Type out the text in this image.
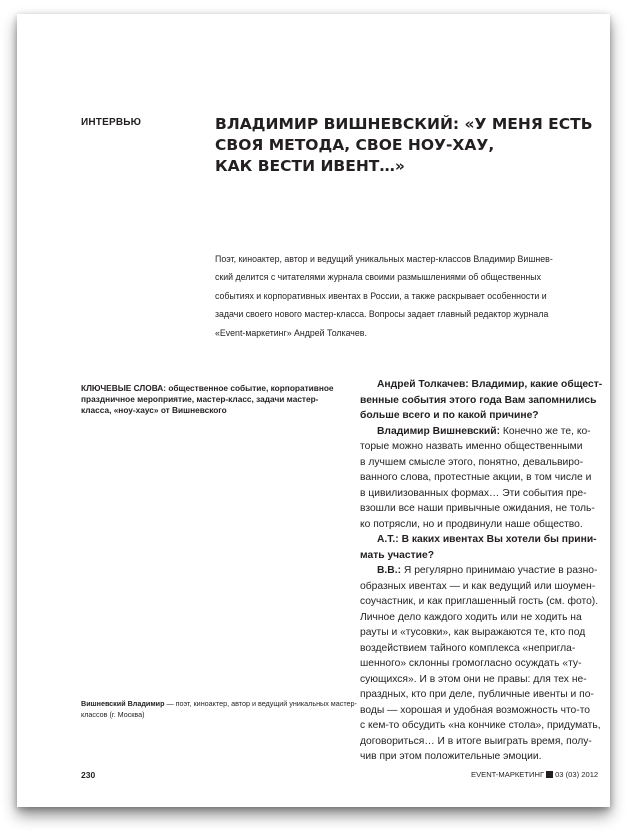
ИНТЕРВЬЮ	ВЛАДИМИР ВИШНЕВСКИЙ: «У МЕНЯ ЕСТЬ
СВОЯ МЕТОДА, СВОЕ НОУ-ХАУ,
КАК ВЕСТИ ИВЕНТ…»
Поэт, киноактер, автор и ведущий уникальных мастер-классов Владимир Вишнев-
ский делится с читателями журнала своими размышлениями об общественных
событиях и корпоративных ивентах в России, а также раскрывает особенности и
задачи своего нового мастер-класса. Вопросы задает главный редактор журнала
«Event-маркетинг» Андрей Толкачев.
КЛЮЧЕВЫЕ СЛОВА: общественное событие, корпоративное
праздничное мероприятие, мастер-класс, задачи мастер-
класса, «ноу-хаус» от Вишневского
Вишневский Владимир — поэт, киноактер, автор и ведущий уникальных мастер-
классов (г. Москва)
Андрей Толкачев: Владимир, какие общест-
венные события этого года Вам запомнились
больше всего и по какой причине?
Владимир Вишневский: Конечно же те, ко-
торые можно назвать именно общественными
в лучшем смысле этого, понятно, девальвиро-
ванного слова, протестные акции, в том числе и
в цивилизованных формах… Эти события пре-
взошли все наши привычные ожидания, не толь-
ко потрясли, но и продвинули наше общество.
А.Т.: В каких ивентах Вы хотели бы прини-
мать участие?
В.В.: Я регулярно принимаю участие в разно-
образных ивентах — и как ведущий или шоумен-
соучастник, и как приглашенный гость (см. фото).
Личное дело каждого ходить или не ходить на
рауты и «тусовки», как выражаются те, кто под
воздействием тайного комплекса «непригла-
шенного» склонны громогласно осуждать «ту-
сующихся». И в этом они не правы: для тех не-
праздных, кто при деле, публичные ивенты и по-
воды — хорошая и удобная возможность что-то
с кем-то обсудить «на кончике стола», придумать,
договориться… И в итоге выиграть время, полу-
чив при этом положительные эмоции.
230	EVENT-МАРКЕТИНГ 03 (03) 2012
